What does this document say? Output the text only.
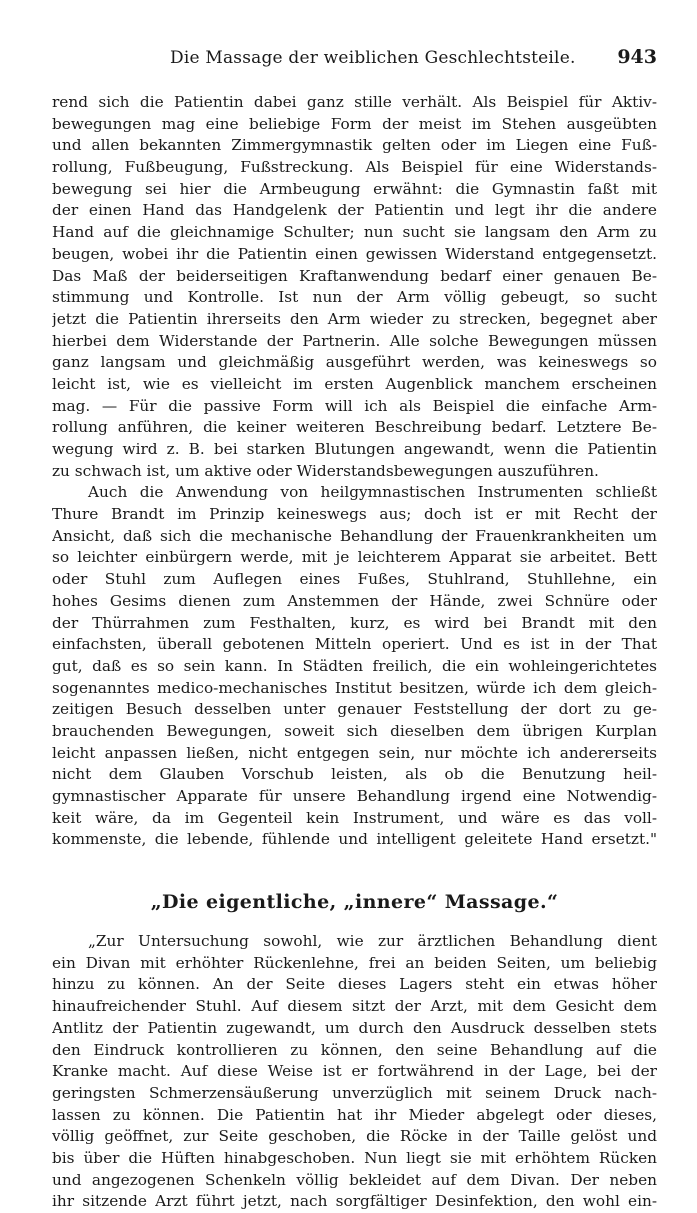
Die Massage der weiblichen Geschlechtsteile. 943
rend sich die Patientin dabei ganz stille verhält. Als Beispiel für Aktiv-
bewegungen mag eine beliebige Form der meist im Stehen ausgeübten
und allen bekannten Zimmergymnastik gelten oder im Liegen eine Fuß-
rollung, Fußbeugung, Fußstreckung. Als Beispiel für eine Widerstands-
bewegung sei hier die Armbeugung erwähnt: die Gymnastin faßt mit
der einen Hand das Handgelenk der Patientin und legt ihr die andere
Hand auf die gleichnamige Schulter; nun sucht sie langsam den Arm zu
beugen, wobei ihr die Patientin einen gewissen Widerstand entgegensetzt.
Das Maß der beiderseitigen Kraftanwendung bedarf einer genauen Be-
stimmung und Kontrolle. Ist nun der Arm völlig gebeugt, so sucht
jetzt die Patientin ihrerseits den Arm wieder zu strecken, begegnet aber
hierbei dem Widerstande der Partnerin. Alle solche Bewegungen müssen
ganz langsam und gleichmäßig ausgeführt werden, was keineswegs so
leicht ist, wie es vielleicht im ersten Augenblick manchem erscheinen
mag. — Für die passive Form will ich als Beispiel die einfache Arm-
rollung anführen, die keiner weiteren Beschreibung bedarf. Letztere Be-
wegung wird z. B. bei starken Blutungen angewandt, wenn die Patientin
zu schwach ist, um aktive oder Widerstandsbewegungen auszuführen.
Auch die Anwendung von heilgymnastischen Instrumenten schließt
Thure Brandt im Prinzip keineswegs aus; doch ist er mit Recht der
Ansicht, daß sich die mechanische Behandlung der Frauenkrankheiten um
so leichter einbürgern werde, mit je leichterem Apparat sie arbeitet. Bett
oder Stuhl zum Auflegen eines Fußes, Stuhlrand, Stuhllehne, ein
hohes Gesims dienen zum Anstemmen der Hände, zwei Schnüre oder
der Thürrahmen zum Festhalten, kurz, es wird bei Brandt mit den
einfachsten, überall gebotenen Mitteln operiert. Und es ist in der That
gut, daß es so sein kann. In Städten freilich, die ein wohleingerichtetes
sogenanntes medico-mechanisches Institut besitzen, würde ich dem gleich-
zeitigen Besuch desselben unter genauer Feststellung der dort zu ge-
brauchenden Bewegungen, soweit sich dieselben dem übrigen Kurplan
leicht anpassen ließen, nicht entgegen sein, nur möchte ich andererseits
nicht dem Glauben Vorschub leisten, als ob die Benutzung heil-
gymnastischer Apparate für unsere Behandlung irgend eine Notwendig-
keit wäre, da im Gegenteil kein Instrument, und wäre es das voll-
kommenste, die lebende, fühlende und intelligent geleitete Hand ersetzt."
„Die eigentliche, „innere“ Massage.“
„Zur Untersuchung sowohl, wie zur ärztlichen Behandlung dient
ein Divan mit erhöhter Rückenlehne, frei an beiden Seiten, um beliebig
hinzu zu können. An der Seite dieses Lagers steht ein etwas höher
hinaufreichender Stuhl. Auf diesem sitzt der Arzt, mit dem Gesicht dem
Antlitz der Patientin zugewandt, um durch den Ausdruck desselben stets
den Eindruck kontrollieren zu können, den seine Behandlung auf die
Kranke macht. Auf diese Weise ist er fortwährend in der Lage, bei der
geringsten Schmerzensäußerung unverzüglich mit seinem Druck nach-
lassen zu können. Die Patientin hat ihr Mieder abgelegt oder dieses,
völlig geöffnet, zur Seite geschoben, die Röcke in der Taille gelöst und
bis über die Hüften hinabgeschoben. Nun liegt sie mit erhöhtem Rücken
und angezogenen Schenkeln völlig bekleidet auf dem Divan. Der neben
ihr sitzende Arzt führt jetzt, nach sorgfältiger Desinfektion, den wohl ein-
